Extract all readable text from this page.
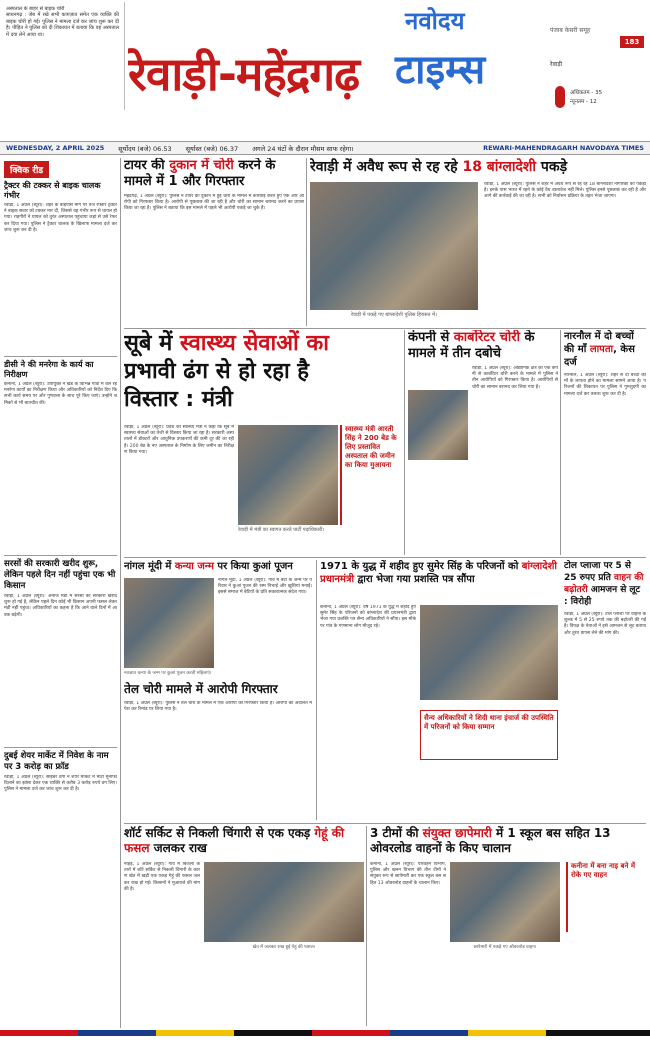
अस्पताल के बाहर से बाइक चोरी
साधनगढ़ : जेब में रखे सभी काग़ज़ात समेत एक व्यक्ति की बाइक चोरी हो गई। पुलिस ने मामला दर्ज कर जांच शुरू कर दी है। पीड़ित ने पुलिस को दी शिकायत में बताया कि वह अस्पताल में दवा लेने आया था।
रेवाड़ी-महेंद्रगढ़
नवोदय
टाइम्स
पंजाब केसरी समूह
183
रेवाड़ी
अधिकतम - 35
न्यूनतम - 12
WEDNESDAY, 2 APRIL 2025 सूर्योदय (बजे) 06.53 सूर्यास्त (बजे) 06.37 अगले 24 घंटों के दौरान मौसम साफ रहेगा।	REWARI-MAHENDRAGARH NAVODAYA TIMES
क्विक रीड
ट्रैक्टर की टक्कर से बाइक चालक गंभीर
रेवाड़ी, 1 अप्रैल (ब्यूरो): शहर के बाईपास मार्ग पर तेज रफ्तार ट्रैक्टर ने बाइक सवार को टक्कर मार दी, जिससे वह गंभीर रूप से घायल हो गया। राहगीरों ने घायल को तुरंत अस्पताल पहुंचाया जहां से उसे रेफर कर दिया गया। पुलिस ने ट्रैक्टर चालक के खिलाफ मामला दर्ज कर जांच शुरू कर दी है।
डीसी ने की मनरेगा के कार्य का निरीक्षण
कनीना, 1 अप्रैल (ब्यूरो): उपायुक्त ने खंड के विभिन्न गांवों में चल रहे मनरेगा कार्यों का निरीक्षण किया और अधिकारियों को निर्देश दिए कि सभी कार्य समय पर और गुणवत्ता के साथ पूरे किए जाएं। उन्होंने श्रमिकों से भी बातचीत की।
सरसों की सरकारी खरीद शुरू, लेकिन पहले दिन नहीं पहुंचा एक भी किसान
रेवाड़ी, 1 अप्रैल (ब्यूरो): अनाज मंडी में सरसों की सरकारी खरीद शुरू हो गई है, लेकिन पहले दिन कोई भी किसान अपनी फसल लेकर मंडी नहीं पहुंचा। अधिकारियों का कहना है कि आने वाले दिनों में आवक बढ़ेगी।
दुबई शेयर मार्केट में निवेश के नाम पर 3 करोड़ का फ्रॉड
रेवाड़ी, 1 अप्रैल (ब्यूरो): साइबर ठगों ने शेयर मार्केट में मोटा मुनाफा दिलाने का झांसा देकर एक व्यक्ति से करीब 3 करोड़ रुपये ठग लिए। पुलिस ने मामला दर्ज कर जांच शुरू कर दी है।
टायर की दुकान में चोरी करने के मामले में 1 और गिरफ्तार
महेंद्रगढ़, 1 अप्रैल (ब्यूरो): पुलिस ने टायर की दुकान में हुई चोरी के मामले में कार्रवाई करते हुए एक और आरोपी को गिरफ्तार किया है। आरोपी से पूछताछ की जा रही है और चोरी का सामान बरामद करने का प्रयास किया जा रहा है। पुलिस ने बताया कि इस मामले में पहले भी आरोपी पकड़े जा चुके हैं।
रेवाड़ी में अवैध रूप से रह रहे 18 बांग्लादेशी पकड़े
रेवाड़ी में पकड़े गए बांग्लादेशी पुलिस हिरासत में।
रेवाड़ी, 1 अप्रैल (ब्यूरो): पुलिस ने शहर में अवैध रूप से रह रहे 18 बांग्लादेशी नागरिकों को पकड़ा है। इनके पास भारत में रहने के कोई वैध दस्तावेज नहीं मिले। पुलिस इनसे पूछताछ कर रही है और आगे की कार्रवाई की जा रही है। सभी को निर्वासन प्रक्रिया के तहत भेजा जाएगा।
सूबे में स्वास्थ्य सेवाओं का प्रभावी ढंग से हो रहा है विस्तार : मंत्री
रेवाड़ी, 1 अप्रैल (ब्यूरो): प्रदेश की स्वास्थ्य मंत्री ने कहा कि सूबे में स्वास्थ्य सेवाओं का तेजी से विस्तार किया जा रहा है। सरकारी अस्पतालों में डॉक्टरों और आधुनिक उपकरणों की कमी दूर की जा रही है। 200 बेड के नए अस्पताल के निर्माण के लिए जमीन का निरीक्षण किया गया।
रेवाड़ी में मंत्री का स्वागत करते पार्टी पदाधिकारी।
स्वास्थ्य मंत्री आरती सिंह ने 200 बेड के लिए प्रस्तावित अस्पताल की जमीन का किया मुआयना
कंपनी से कार्बोरेटर चोरी के मामले में तीन दबोचे
रेवाड़ी, 1 अप्रैल (ब्यूरो): औद्योगिक क्षेत्र की एक कंपनी से कार्बोरेटर चोरी करने के मामले में पुलिस ने तीन आरोपियों को गिरफ्तार किया है। आरोपियों से चोरी का सामान बरामद कर लिया गया है।
नारनौल में दो बच्चों की माँ लापता, केस दर्ज
नारनौल, 1 अप्रैल (ब्यूरो): शहर से दो बच्चों की माँ के लापता होने का मामला सामने आया है। परिजनों की शिकायत पर पुलिस ने गुमशुदगी का मामला दर्ज कर तलाश शुरू कर दी है।
नांगल मूंदी में कन्या जन्म पर किया कुआं पूजन
नवजात कन्या के जन्म पर कुआं पूजन करती महिलाएं।
नांगल मूंदी, 1 अप्रैल (ब्यूरो): गांव में बेटी के जन्म पर परिवार ने कुआं पूजन की रस्म निभाई और खुशियां मनाईं। इससे समाज में बेटियों के प्रति सकारात्मक संदेश गया।
तेल चोरी मामले में आरोपी गिरफ्तार
रेवाड़ी, 1 अप्रैल (ब्यूरो): पुलिस ने तेल चोरी के मामले में एक आरोपी को गिरफ्तार किया है। आरोपी को अदालत में पेश कर रिमांड पर लिया गया है।
1971 के युद्ध में शहीद हुए सुमेर सिंह के परिजनों को बांग्लादेशी प्रधानमंत्री द्वारा भेजा गया प्रशस्ति पत्र सौंपा
कनीना, 1 अप्रैल (ब्यूरो): वर्ष 1971 के युद्ध में शहीद हुए सुमेर सिंह के परिजनों को बांग्लादेश की प्रधानमंत्री द्वारा भेजा गया प्रशस्ति पत्र सैन्य अधिकारियों ने सौंपा। इस मौके पर गांव के गणमान्य लोग मौजूद रहे।
सैन्य अधिकारियों ने शिदी थाना इंचार्ज की उपस्थिति में परिजनों को किया सम्मान
टोल प्लाजा पर 5 से 25 रुपए प्रति वाहन की बढ़ोतरी आमजन से लूट : विरोही
रेवाड़ी, 1 अप्रैल (ब्यूरो): टोल प्लाजा पर वाहनों के शुल्क में 5 से 25 रुपये तक की बढ़ोतरी की गई है। विपक्ष के नेताओं ने इसे आमजन से लूट बताया और तुरंत वापस लेने की मांग की।
शॉर्ट सर्किट से निकली चिंगारी से एक एकड़ गेहूं की फसल जलकर राख
खेत में जलकर राख हुई गेहूं की फसल।
नाहड़, 1 अप्रैल (ब्यूरो): गांव में बिजली के तारों में शॉर्ट सर्किट से निकली चिंगारी के कारण खेत में खड़ी एक एकड़ गेहूं की फसल जलकर राख हो गई। किसानों ने मुआवजे की मांग की है।
3 टीमों की संयुक्त छापेमारी में 1 स्कूल बस सहित 13 ओवरलोड वाहनों के किए चालान
छापेमारी में पकड़े गए ओवरलोड वाहन।
कनीना, 1 अप्रैल (ब्यूरो): परिवहन विभाग, पुलिस और खनन विभाग की तीन टीमों ने संयुक्त रूप से छापेमारी कर एक स्कूल बस सहित 13 ओवरलोड वाहनों के चालान किए।
कनीना में बना नाइ बने में रोके गए वाहन
